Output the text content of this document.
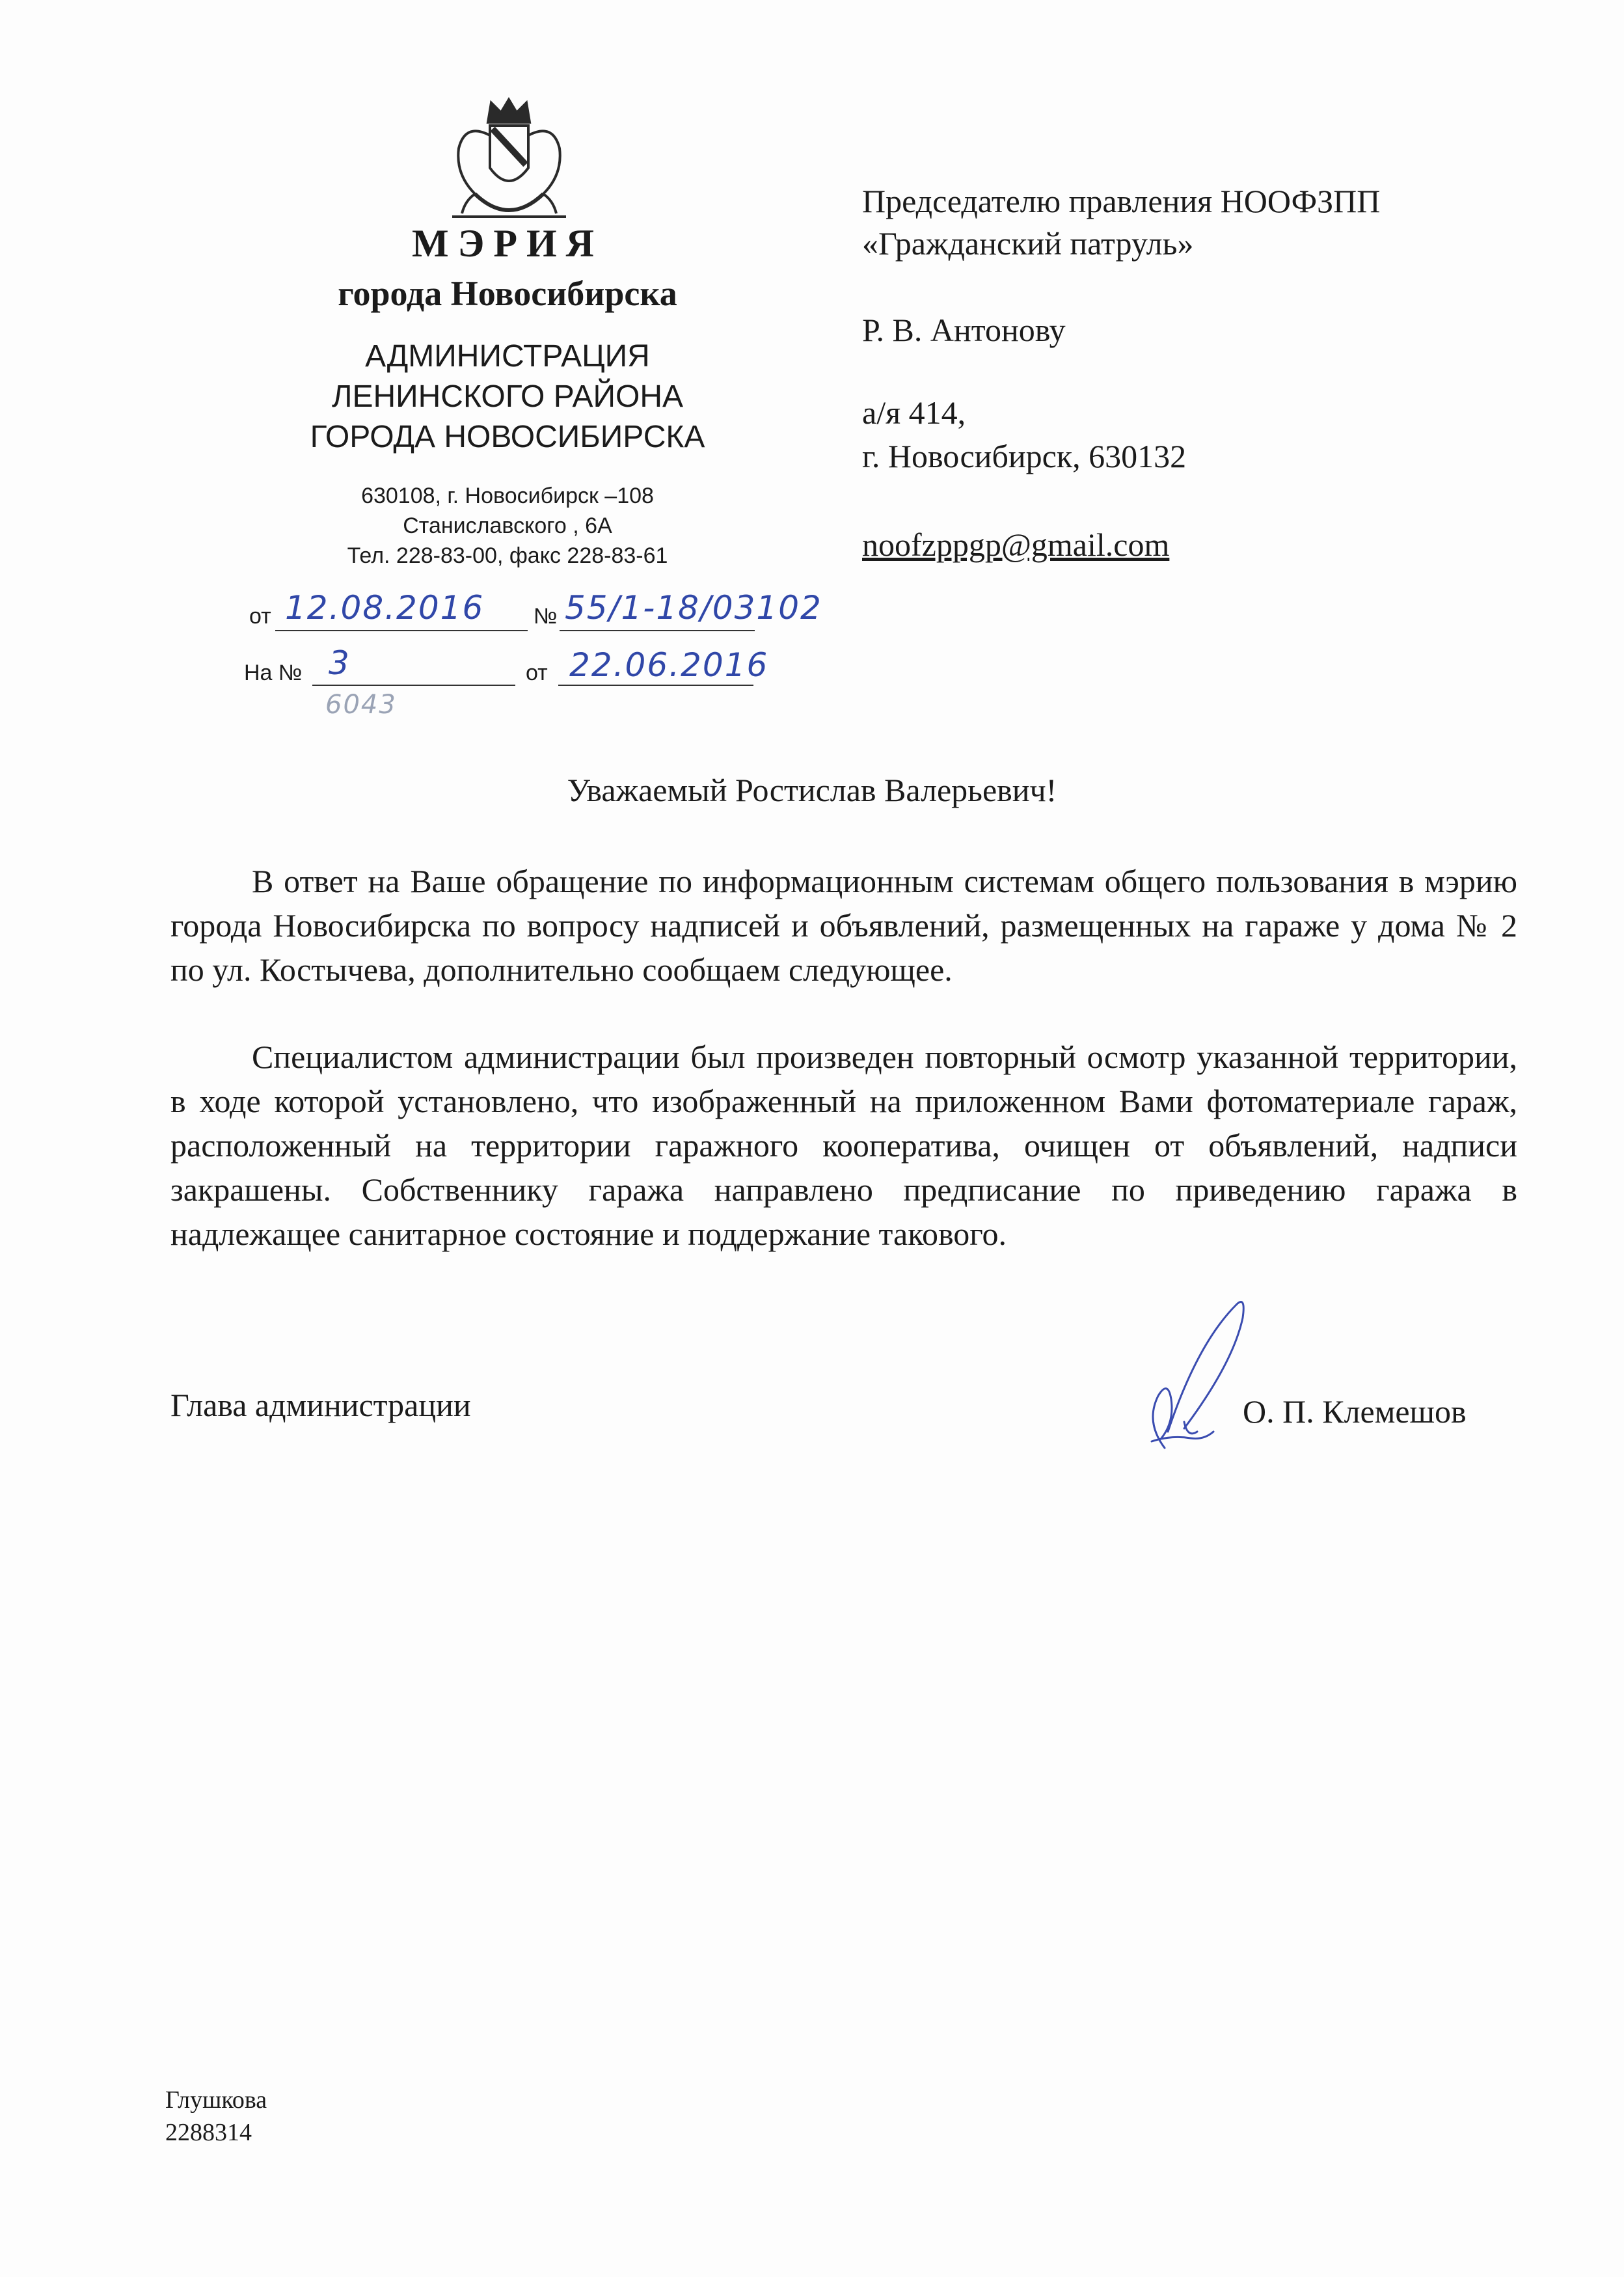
МЭРИЯ
города Новосибирска
АДМИНИСТРАЦИЯ
ЛЕНИНСКОГО РАЙОНА
ГОРОДА НОВОСИБИРСКА
630108, г. Новосибирск –108
Станиславского , 6А
Тел. 228-83-00, факс 228-83-61
от 12.08.2016 № 55/1-18/03102
На № 3	от 22.06.2016
6043
Председателю правления НООФЗПП
«Гражданский патруль»
Р. В. Антонову
а/я 414,
г. Новосибирск, 630132
noofzppgp@gmail.com
Уважаемый Ростислав Валерьевич!

В ответ на Ваше обращение по информационным системам общего пользования в мэрию города Новосибирска по вопросу надписей и объявлений, размещенных на гараже у дома № 2 по ул. Костычева, дополнительно сообщаем следующее.

Специалистом администрации был произведен повторный осмотр указанной территории, в ходе которой установлено, что изображенный на приложенном Вами фотоматериале гараж, расположенный на территории гаражного кооператива, очищен от объявлений, надписи закрашены. Собственнику гаража направлено предписание по приведению гаража в надлежащее санитарное состояние и поддержание такового.

Глава администрации	О. П. Клемешов
Глушкова
2288314
